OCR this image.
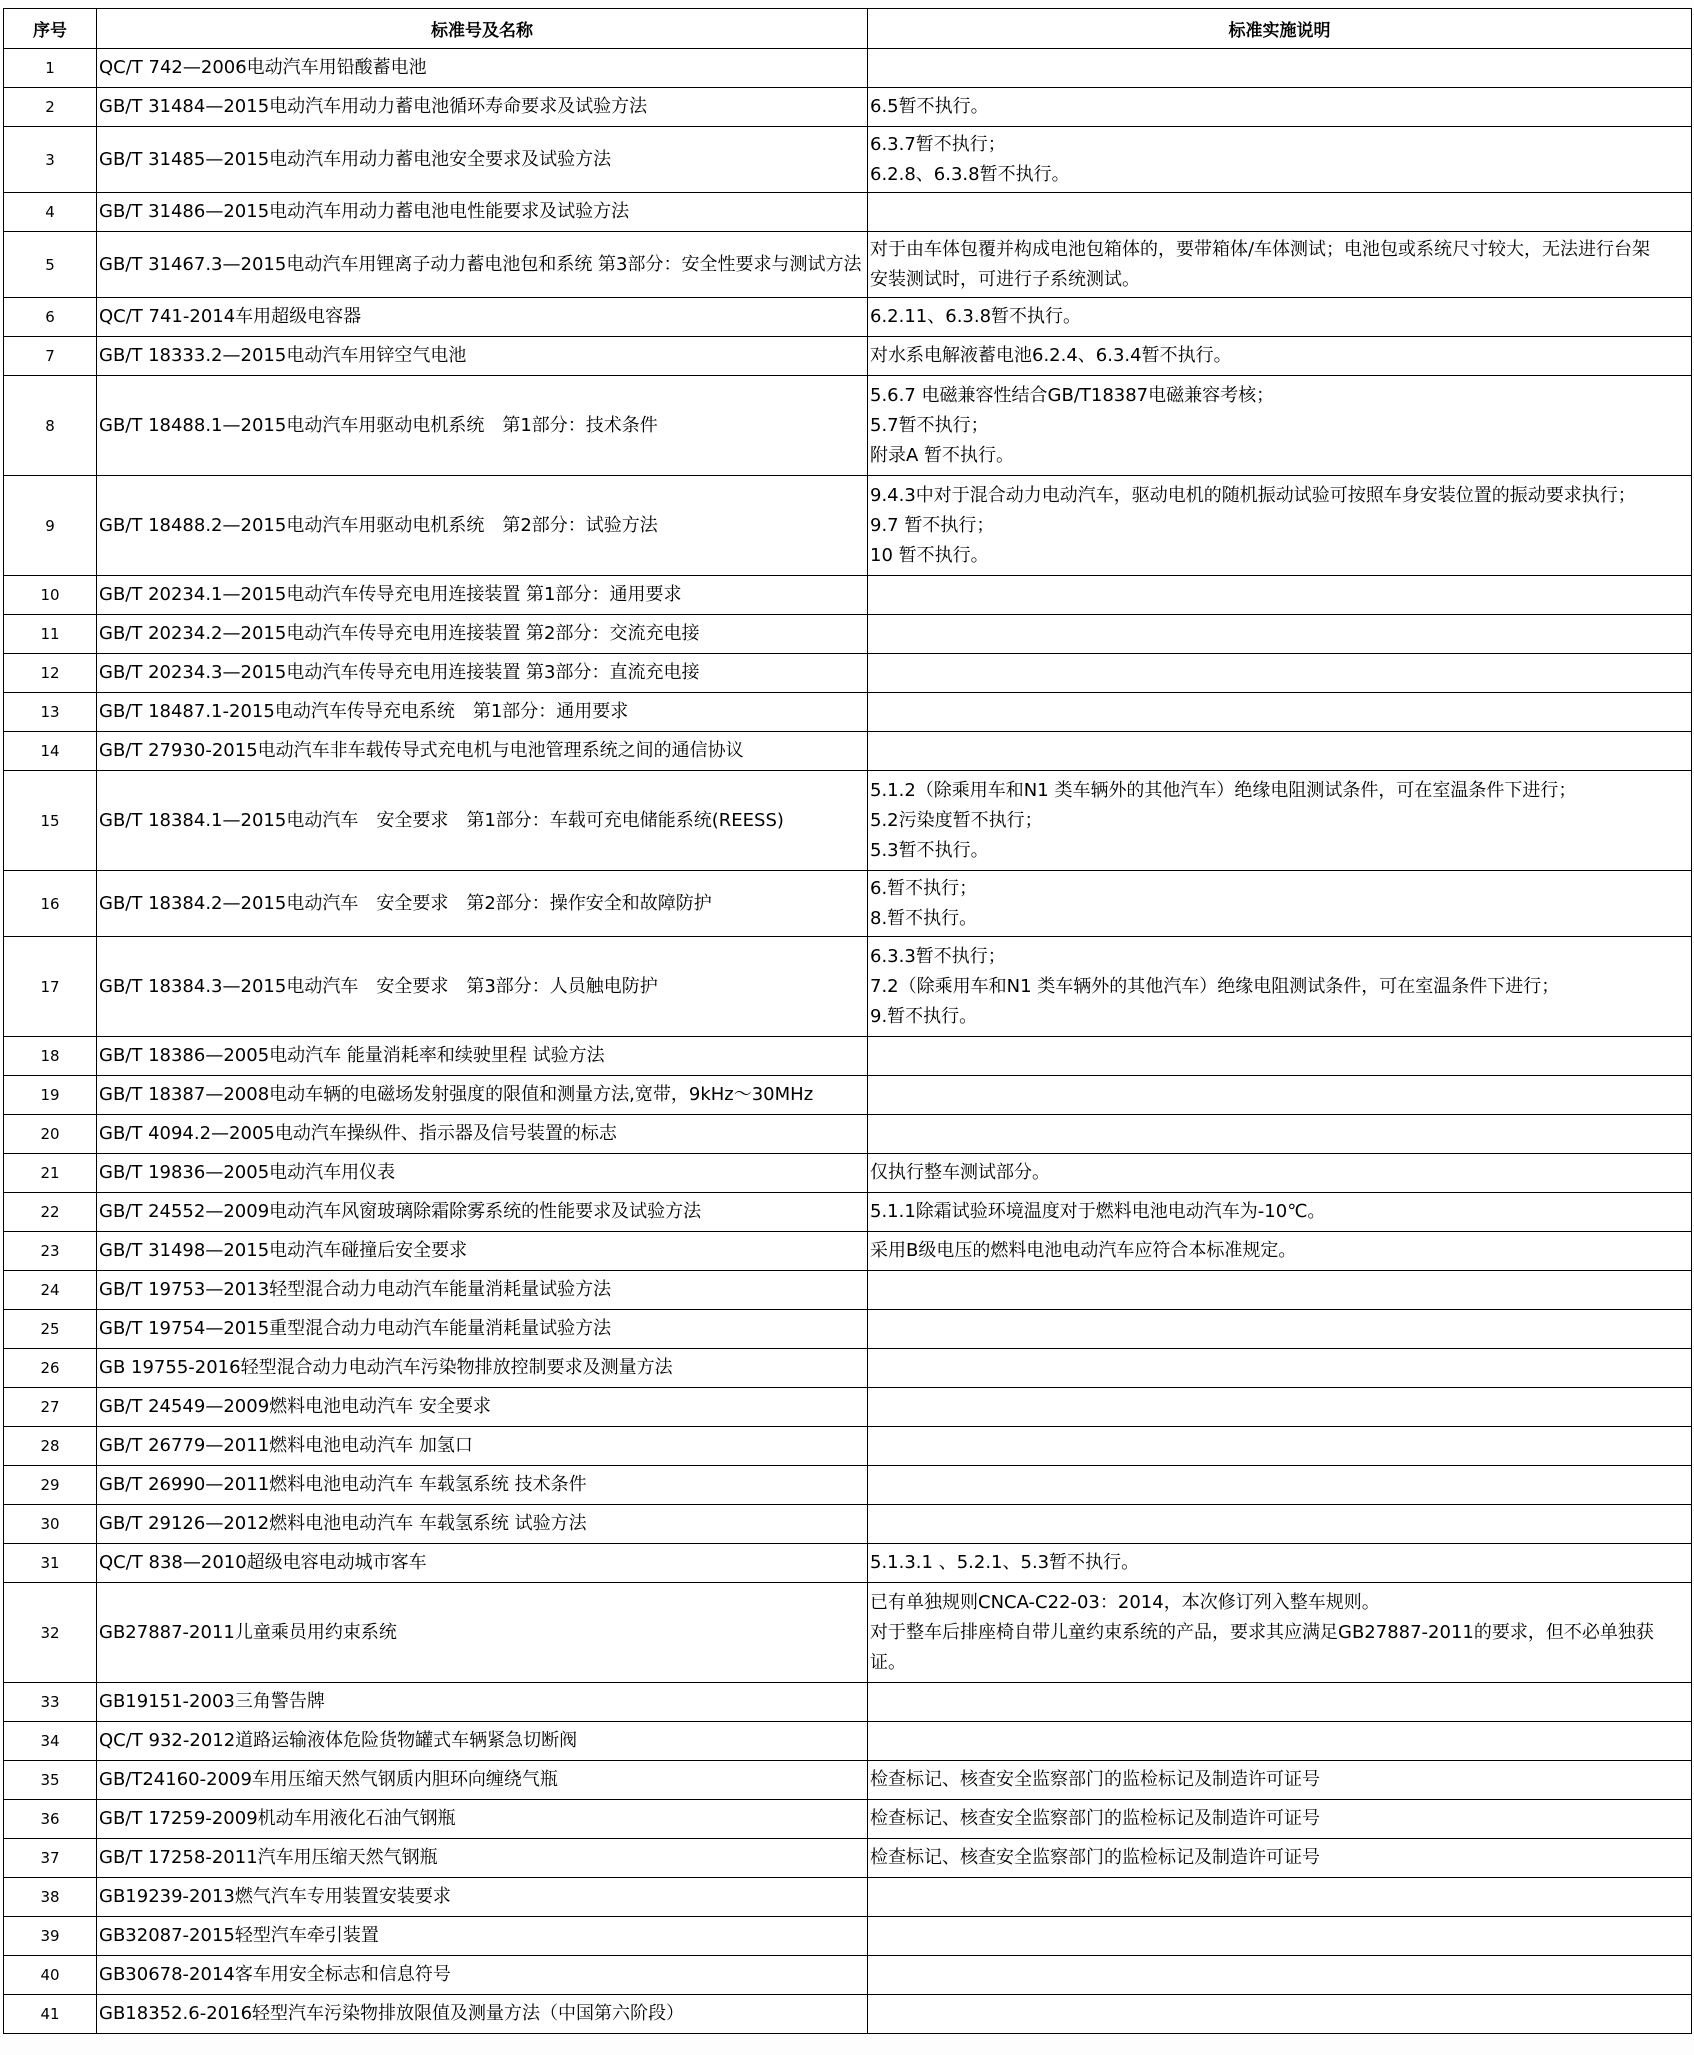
序号	标准号及名称	标准实施说明
1	QC/T 742—2006电动汽车用铅酸蓄电池	

2	GB/T 31484—2015电动汽车用动力蓄电池循环寿命要求及试验方法	6.5暂不执行。

3	GB/T 31485—2015电动汽车用动力蓄电池安全要求及试验方法	6.3.7暂不执行；
6.2.8、6.3.8暂不执行。

4	GB/T 31486—2015电动汽车用动力蓄电池电性能要求及试验方法	

5	GB/T 31467.3—2015电动汽车用锂离子动力蓄电池包和系统 第3部分：安全性要求与测试方法	对于由车体包覆并构成电池包箱体的，要带箱体/车体测试；电池包或系统尺寸较大，无法进行台架
安装测试时，可进行子系统测试。

6	QC/T 741-2014车用超级电容器	6.2.11、6.3.8暂不执行。

7	GB/T 18333.2—2015电动汽车用锌空气电池	对水系电解液蓄电池6.2.4、6.3.4暂不执行。

8	GB/T 18488.1—2015电动汽车用驱动电机系统　第1部分：技术条件	5.6.7 电磁兼容性结合GB/T18387电磁兼容考核；
5.7暂不执行；
附录A 暂不执行。

9	GB/T 18488.2—2015电动汽车用驱动电机系统　第2部分：试验方法	9.4.3中对于混合动力电动汽车，驱动电机的随机振动试验可按照车身安装位置的振动要求执行；
9.7 暂不执行；
10 暂不执行。

10	GB/T 20234.1—2015电动汽车传导充电用连接装置 第1部分：通用要求	

11	GB/T 20234.2—2015电动汽车传导充电用连接装置 第2部分：交流充电接	

12	GB/T 20234.3—2015电动汽车传导充电用连接装置 第3部分：直流充电接	

13	GB/T 18487.1-2015电动汽车传导充电系统　第1部分：通用要求	

14	GB/T 27930-2015电动汽车非车载传导式充电机与电池管理系统之间的通信协议	

15	GB/T 18384.1—2015电动汽车　安全要求　第1部分：车载可充电储能系统(REESS)	5.1.2（除乘用车和N1 类车辆外的其他汽车）绝缘电阻测试条件，可在室温条件下进行；
5.2污染度暂不执行；
5.3暂不执行。

16	GB/T 18384.2—2015电动汽车　安全要求　第2部分：操作安全和故障防护	6.暂不执行；
8.暂不执行。

17	GB/T 18384.3—2015电动汽车　安全要求　第3部分：人员触电防护	6.3.3暂不执行；
7.2（除乘用车和N1 类车辆外的其他汽车）绝缘电阻测试条件，可在室温条件下进行；
9.暂不执行。

18	GB/T 18386—2005电动汽车 能量消耗率和续驶里程 试验方法	

19	GB/T 18387—2008电动车辆的电磁场发射强度的限值和测量方法,宽带，9kHz～30MHz	

20	GB/T 4094.2—2005电动汽车操纵件、指示器及信号装置的标志	

21	GB/T 19836—2005电动汽车用仪表	仅执行整车测试部分。

22	GB/T 24552—2009电动汽车风窗玻璃除霜除雾系统的性能要求及试验方法	5.1.1除霜试验环境温度对于燃料电池电动汽车为-10℃。

23	GB/T 31498—2015电动汽车碰撞后安全要求	采用B级电压的燃料电池电动汽车应符合本标准规定。

24	GB/T 19753—2013轻型混合动力电动汽车能量消耗量试验方法	

25	GB/T 19754—2015重型混合动力电动汽车能量消耗量试验方法	

26	GB 19755-2016轻型混合动力电动汽车污染物排放控制要求及测量方法	

27	GB/T 24549—2009燃料电池电动汽车 安全要求	

28	GB/T 26779—2011燃料电池电动汽车 加氢口	

29	GB/T 26990—2011燃料电池电动汽车 车载氢系统 技术条件	

30	GB/T 29126—2012燃料电池电动汽车 车载氢系统 试验方法	

31	QC/T 838—2010超级电容电动城市客车	5.1.3.1 、5.2.1、5.3暂不执行。

32	GB27887-2011儿童乘员用约束系统	已有单独规则CNCA-C22-03：2014，本次修订列入整车规则。
对于整车后排座椅自带儿童约束系统的产品，要求其应满足GB27887-2011的要求，但不必单独获
证。

33	GB19151-2003三角警告牌	

34	QC/T 932-2012道路运输液体危险货物罐式车辆紧急切断阀	

35	GB/T24160-2009车用压缩天然气钢质内胆环向缠绕气瓶	检查标记、核查安全监察部门的监检标记及制造许可证号

36	GB/T 17259-2009机动车用液化石油气钢瓶	检查标记、核查安全监察部门的监检标记及制造许可证号

37	GB/T 17258-2011汽车用压缩天然气钢瓶	检查标记、核查安全监察部门的监检标记及制造许可证号

38	GB19239-2013燃气汽车专用装置安装要求	

39	GB32087-2015轻型汽车牵引装置	

40	GB30678-2014客车用安全标志和信息符号	

41	GB18352.6-2016轻型汽车污染物排放限值及测量方法（中国第六阶段）	
